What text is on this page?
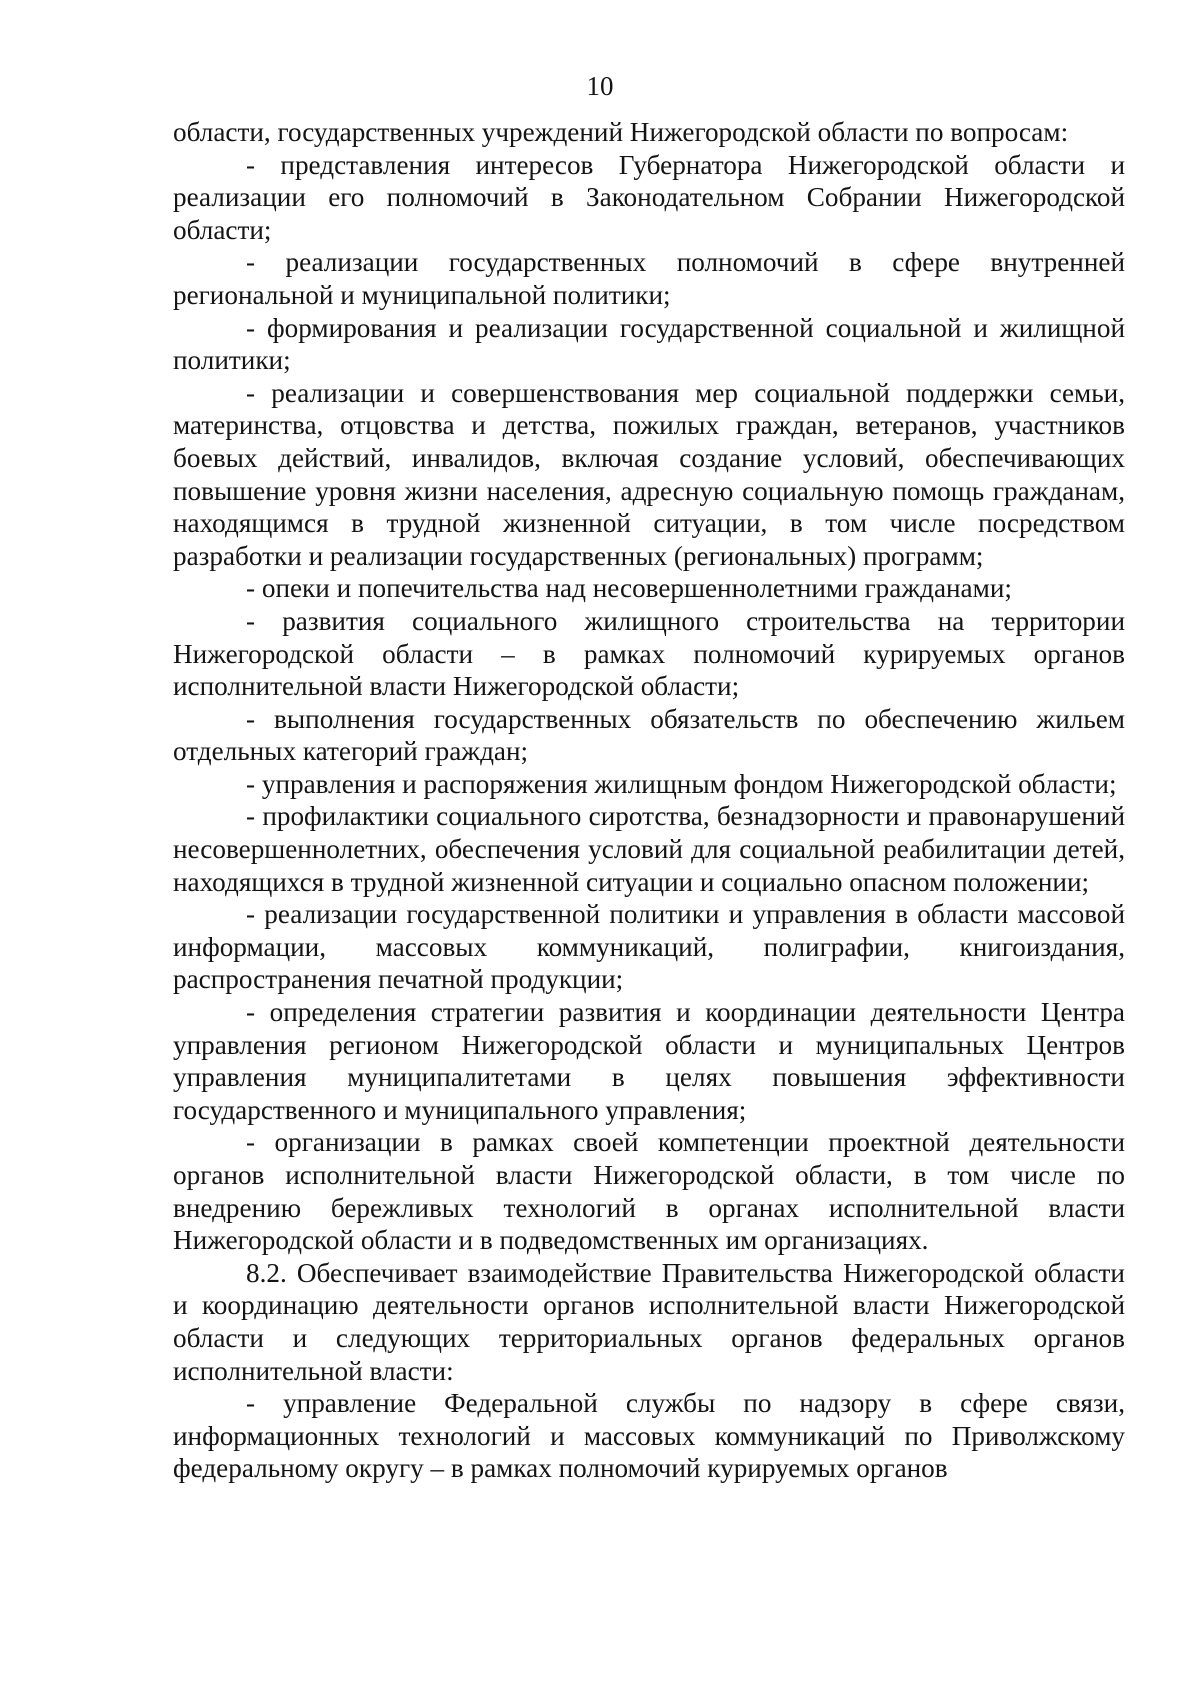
10

области, государственных учреждений Нижегородской области по вопросам:

- представления интересов Губернатора Нижегородской области и реализации его полномочий в Законодательном Собрании Нижегородской области;

- реализации государственных полномочий в сфере внутренней региональной и муниципальной политики;

- формирования и реализации государственной социальной и жилищной политики;

- реализации и совершенствования мер социальной поддержки семьи, материнства, отцовства и детства, пожилых граждан, ветеранов, участников боевых действий, инвалидов, включая создание условий, обеспечивающих повышение уровня жизни населения, адресную социальную помощь гражданам, находящимся в трудной жизненной ситуации, в том числе посредством разработки и реализации государственных (региональных) программ;

- опеки и попечительства над несовершеннолетними гражданами;

- развития социального жилищного строительства на территории Нижегородской области – в рамках полномочий курируемых органов исполнительной власти Нижегородской области;

- выполнения государственных обязательств по обеспечению жильем отдельных категорий граждан;

- управления и распоряжения жилищным фондом Нижегородской области;

- профилактики социального сиротства, безнадзорности и правонарушений несовершеннолетних, обеспечения условий для социальной реабилитации детей, находящихся в трудной жизненной ситуации и социально опасном положении;

- реализации государственной политики и управления в области массовой информации, массовых коммуникаций, полиграфии, книгоиздания, распространения печатной продукции;

- определения стратегии развития и координации деятельности Центра управления регионом Нижегородской области и муниципальных Центров управления муниципалитетами в целях повышения эффективности государственного и муниципального управления;

- организации в рамках своей компетенции проектной деятельности органов исполнительной власти Нижегородской области, в том числе по внедрению бережливых технологий в органах исполнительной власти Нижегородской области и в подведомственных им организациях.

8.2. Обеспечивает взаимодействие Правительства Нижегородской области и координацию деятельности органов исполнительной власти Нижегородской области и следующих территориальных органов федеральных органов исполнительной власти:

- управление Федеральной службы по надзору в сфере связи, информационных технологий и массовых коммуникаций по Приволжскому федеральному округу – в рамках полномочий курируемых органов
